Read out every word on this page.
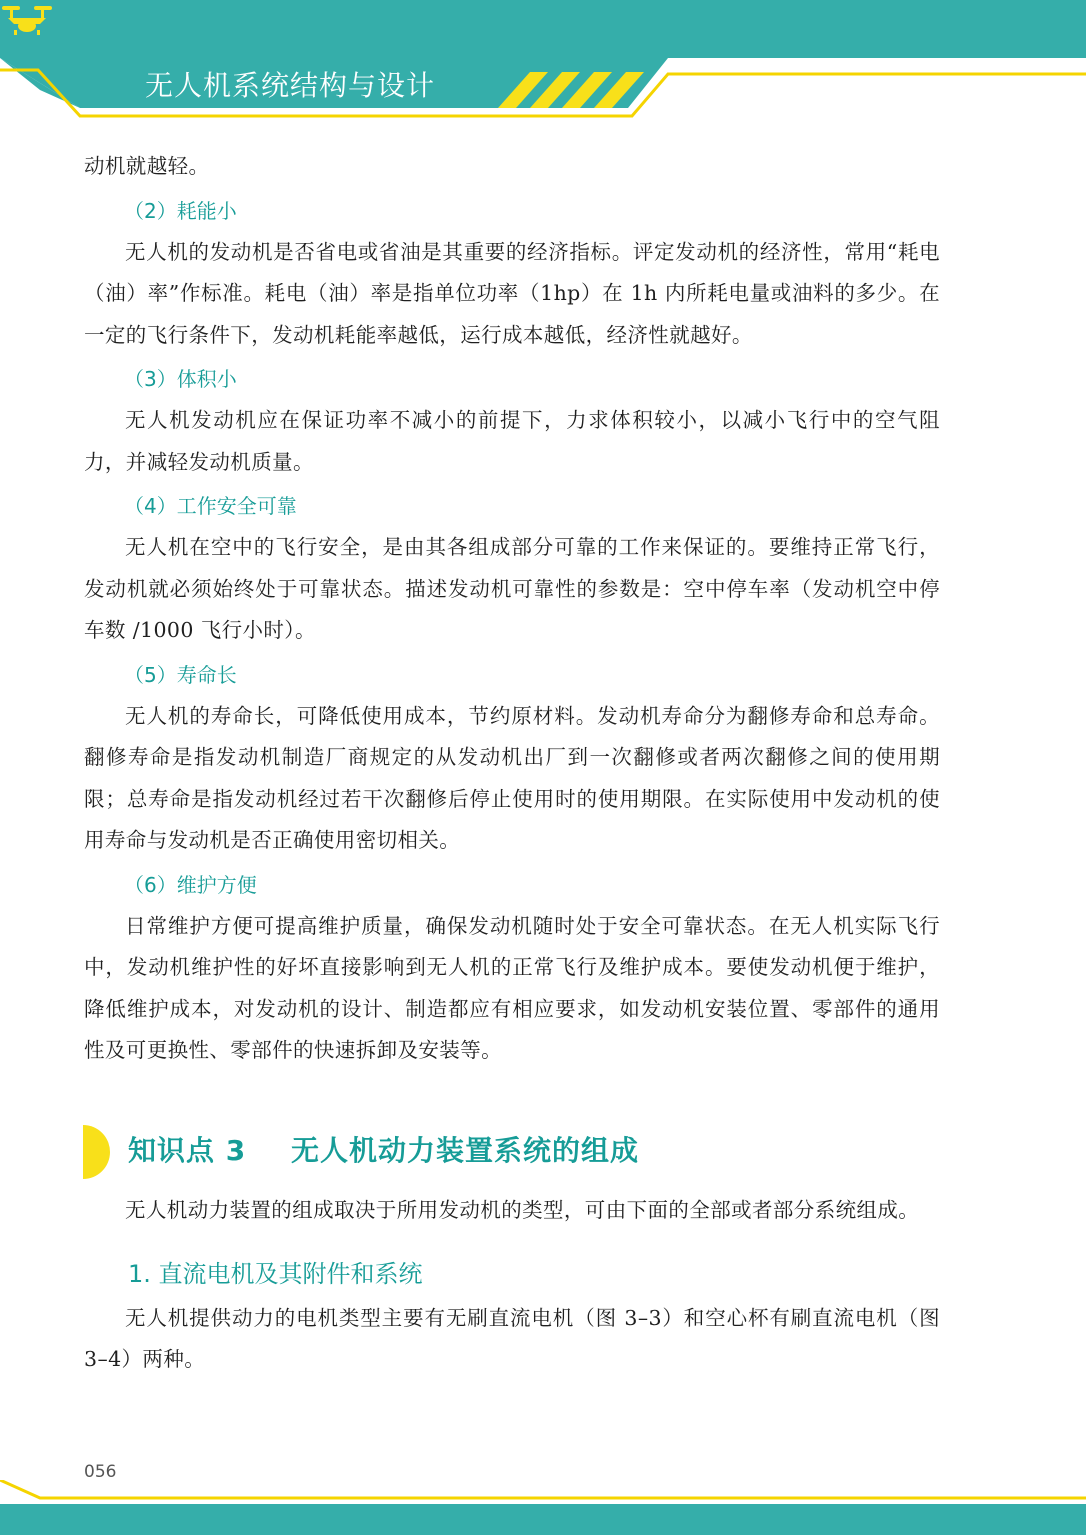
无人机系统结构与设计

动机就越轻。

（2）耗能小

无人机的发动机是否省电或省油是其重要的经济指标。评定发动机的经济性，常用“耗电（油）率”作标准。耗电（油）率是指单位功率（1hp）在 1h 内所耗电量或油料的多少。在一定的飞行条件下，发动机耗能率越低，运行成本越低，经济性就越好。

（3）体积小

无人机发动机应在保证功率不减小的前提下，力求体积较小，以减小飞行中的空气阻力，并减轻发动机质量。

（4）工作安全可靠

无人机在空中的飞行安全，是由其各组成部分可靠的工作来保证的。要维持正常飞行，发动机就必须始终处于可靠状态。描述发动机可靠性的参数是：空中停车率（发动机空中停车数 /1000 飞行小时）。

（5）寿命长

无人机的寿命长，可降低使用成本，节约原材料。发动机寿命分为翻修寿命和总寿命。翻修寿命是指发动机制造厂商规定的从发动机出厂到一次翻修或者两次翻修之间的使用期限；总寿命是指发动机经过若干次翻修后停止使用时的使用期限。在实际使用中发动机的使用寿命与发动机是否正确使用密切相关。

（6）维护方便

日常维护方便可提高维护质量，确保发动机随时处于安全可靠状态。在无人机实际飞行中，发动机维护性的好坏直接影响到无人机的正常飞行及维护成本。要使发动机便于维护，降低维护成本，对发动机的设计、制造都应有相应要求，如发动机安装位置、零部件的通用性及可更换性、零部件的快速拆卸及安装等。

知识点 3 无人机动力装置系统的组成

无人机动力装置的组成取决于所用发动机的类型，可由下面的全部或者部分系统组成。

1. 直流电机及其附件和系统

无人机提供动力的电机类型主要有无刷直流电机（图 3–3）和空心杯有刷直流电机（图 3–4）两种。

056
